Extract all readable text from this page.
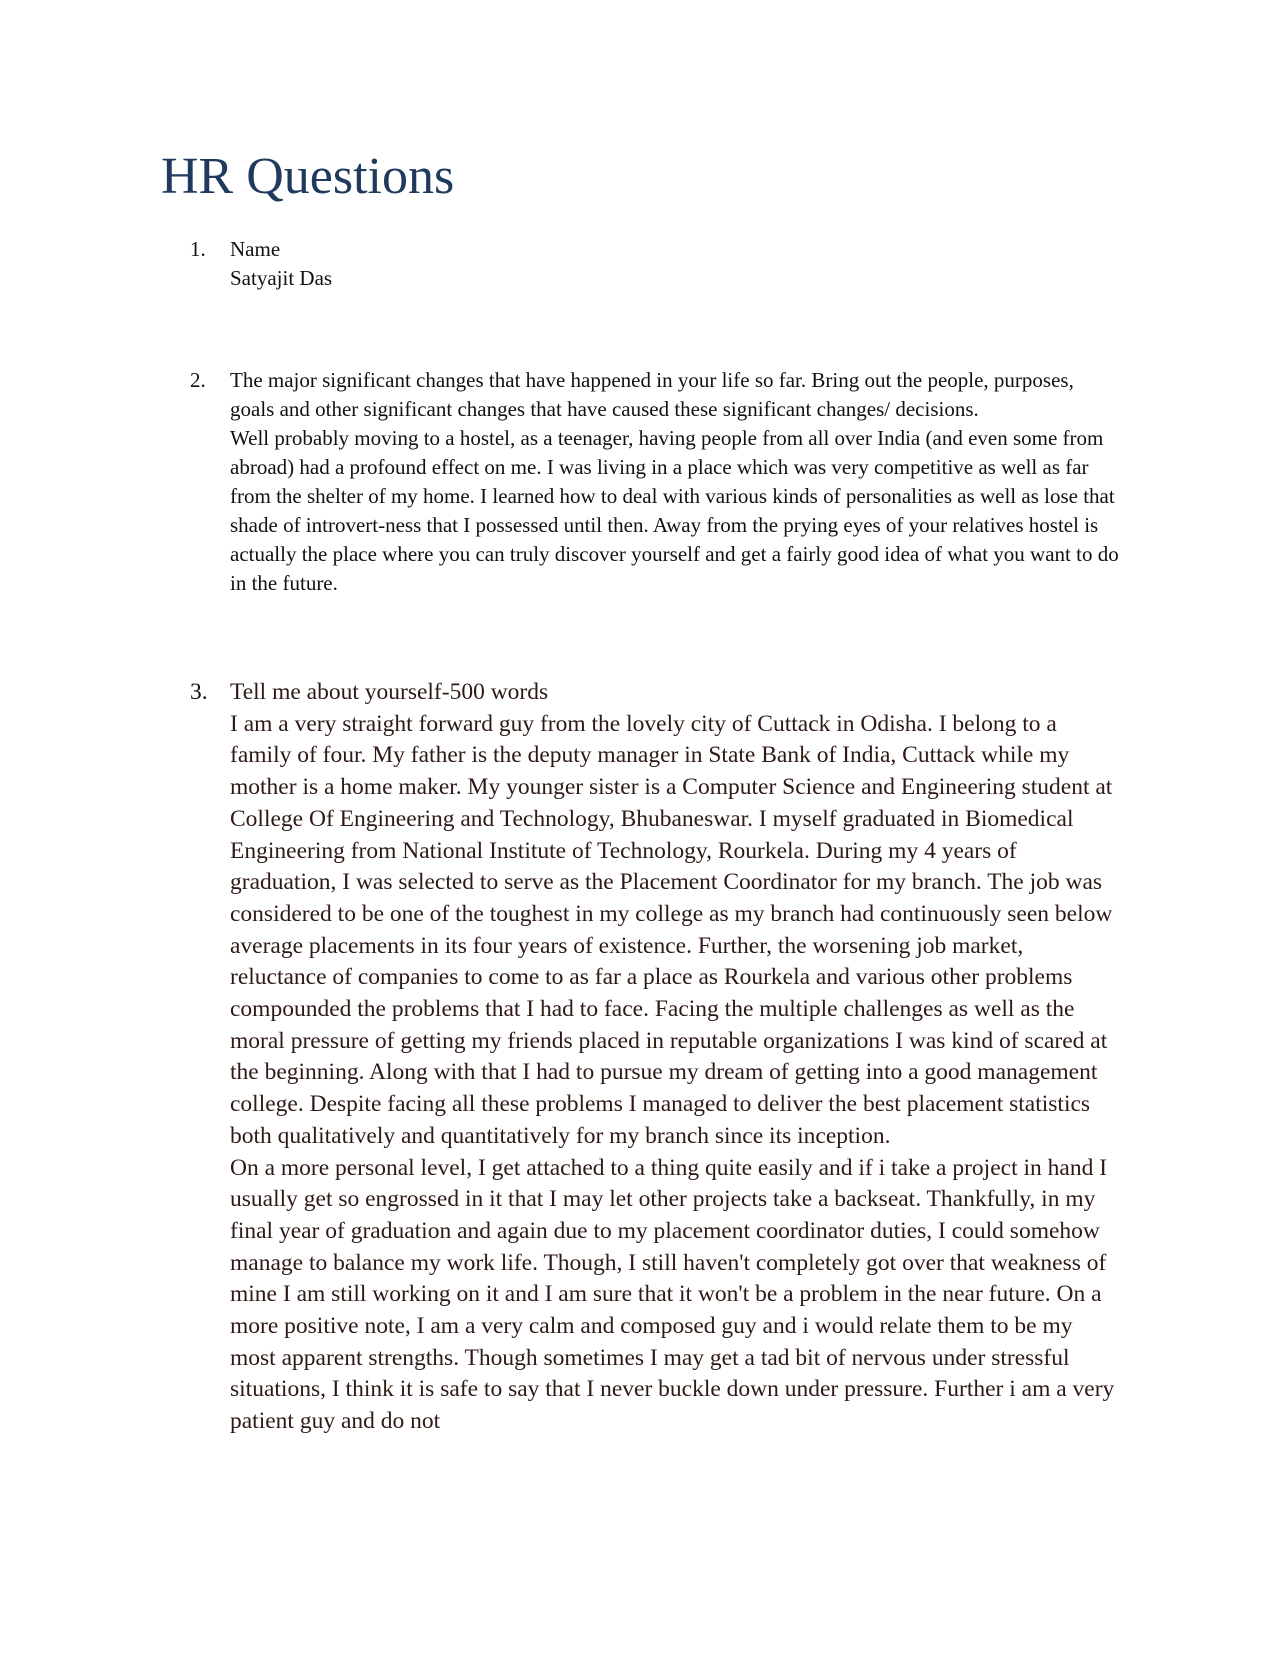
HR Questions
1.	Name

Satyajit Das

2.	The major significant changes that have happened in your life so far. Bring out the people, purposes, goals and other significant changes that have caused these significant changes/ decisions.

Well probably moving to a hostel, as a teenager, having people from all over India (and even some from abroad) had a profound effect on me. I was living in a place which was very competitive as well as far from the shelter of my home. I learned how to deal with various kinds of personalities as well as lose that shade of introvert-ness that I possessed until then. Away from the prying eyes of your relatives hostel is actually the place where you can truly discover yourself and get a fairly good idea of what you want to do in the future.

3. Tell me about yourself-500 words

I am a very straight forward guy from the lovely city of Cuttack in Odisha. I belong to a family of four. My father is the deputy manager in State Bank of India, Cuttack while my mother is a home maker. My younger sister is a Computer Science and Engineering student at College Of Engineering and Technology, Bhubaneswar. I myself graduated in Biomedical Engineering from National Institute of Technology, Rourkela. During my 4 years of graduation, I was selected to serve as the Placement Coordinator for my branch. The job was considered to be one of the toughest in my college as my branch had continuously seen below average placements in its four years of existence. Further, the worsening job market, reluctance of companies to come to as far a place as Rourkela and various other problems compounded the problems that I had to face. Facing the multiple challenges as well as the moral pressure of getting my friends placed in reputable organizations I was kind of scared at the beginning. Along with that I had to pursue my dream of getting into a good management college. Despite facing all these problems I managed to deliver the best placement statistics both qualitatively and quantitatively for my branch since its inception.

On a more personal level, I get attached to a thing quite easily and if i take a project in hand I usually get so engrossed in it that I may let other projects take a backseat. Thankfully, in my final year of graduation and again due to my placement coordinator duties, I could somehow manage to balance my work life. Though, I still haven't completely got over that weakness of mine I am still working on it and I am sure that it won't be a problem in the near future. On a more positive note, I am a very calm and composed guy and i would relate them to be my most apparent strengths. Though sometimes I may get a tad bit of nervous under stressful situations, I think it is safe to say that I never buckle down under pressure. Further i am a very patient guy and do not
